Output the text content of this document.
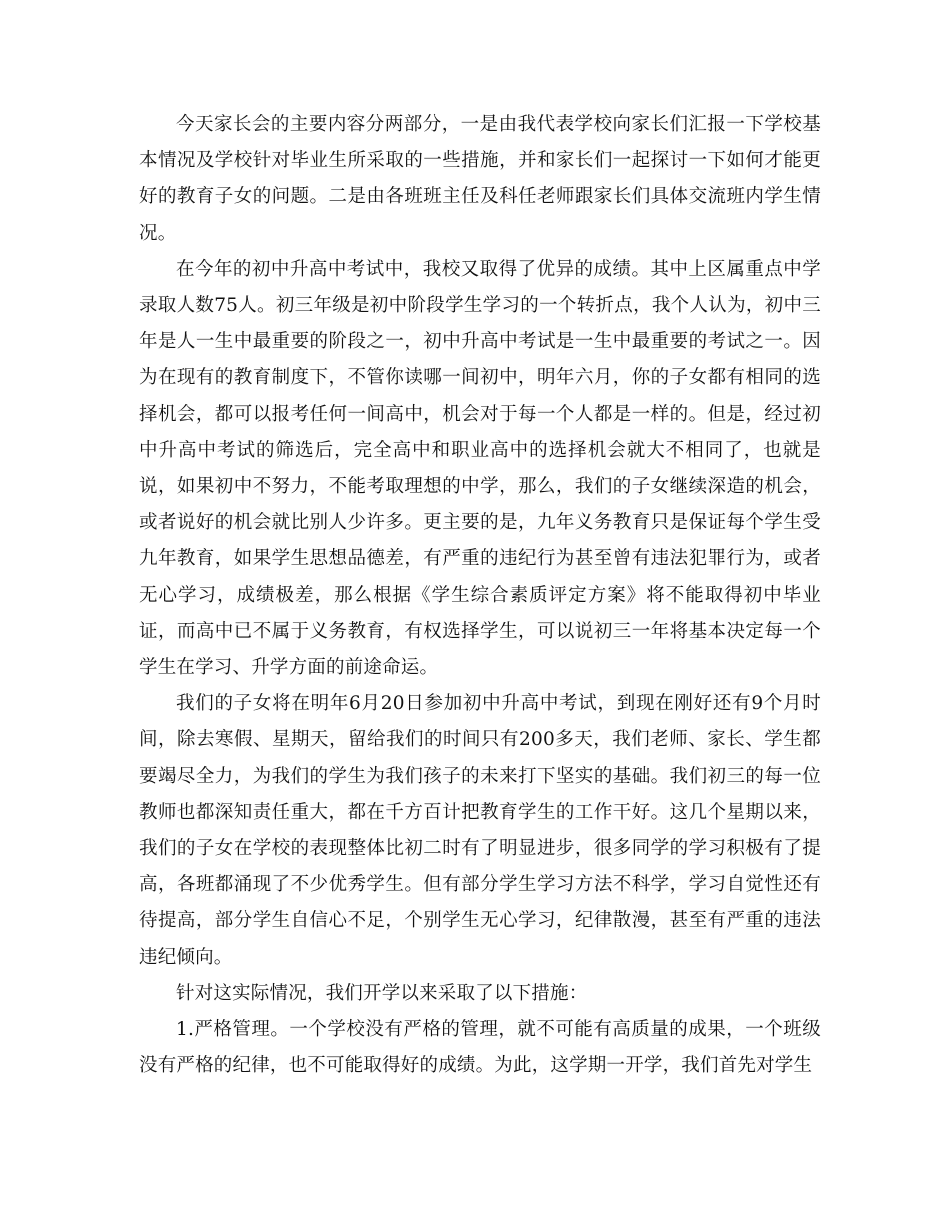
今天家长会的主要内容分两部分，一是由我代表学校向家长们汇报一下学校基本情况及学校针对毕业生所采取的一些措施，并和家长们一起探讨一下如何才能更好的教育子女的问题。二是由各班班主任及科任老师跟家长们具体交流班内学生情况。

在今年的初中升高中考试中，我校又取得了优异的成绩。其中上区属重点中学录取人数75人。初三年级是初中阶段学生学习的一个转折点，我个人认为，初中三年是人一生中最重要的阶段之一，初中升高中考试是一生中最重要的考试之一。因为在现有的教育制度下，不管你读哪一间初中，明年六月，你的子女都有相同的选择机会，都可以报考任何一间高中，机会对于每一个人都是一样的。但是，经过初中升高中考试的筛选后，完全高中和职业高中的选择机会就大不相同了，也就是说，如果初中不努力，不能考取理想的中学，那么，我们的子女继续深造的机会，或者说好的机会就比别人少许多。更主要的是，九年义务教育只是保证每个学生受九年教育，如果学生思想品德差，有严重的违纪行为甚至曾有违法犯罪行为，或者无心学习，成绩极差，那么根据《学生综合素质评定方案》将不能取得初中毕业证，而高中已不属于义务教育，有权选择学生，可以说初三一年将基本决定每一个学生在学习、升学方面的前途命运。

我们的子女将在明年6月20日参加初中升高中考试，到现在刚好还有9个月时间，除去寒假、星期天，留给我们的时间只有200多天，我们老师、家长、学生都要竭尽全力，为我们的学生为我们孩子的未来打下坚实的基础。我们初三的每一位教师也都深知责任重大，都在千方百计把教育学生的工作干好。这几个星期以来，我们的子女在学校的表现整体比初二时有了明显进步，很多同学的学习积极有了提高，各班都涌现了不少优秀学生。但有部分学生学习方法不科学，学习自觉性还有待提高，部分学生自信心不足，个别学生无心学习，纪律散漫，甚至有严重的违法违纪倾向。

针对这实际情况，我们开学以来采取了以下措施：

1.严格管理。一个学校没有严格的管理，就不可能有高质量的成果，一个班级没有严格的纪律，也不可能取得好的成绩。为此，这学期一开学，我们首先对学生
